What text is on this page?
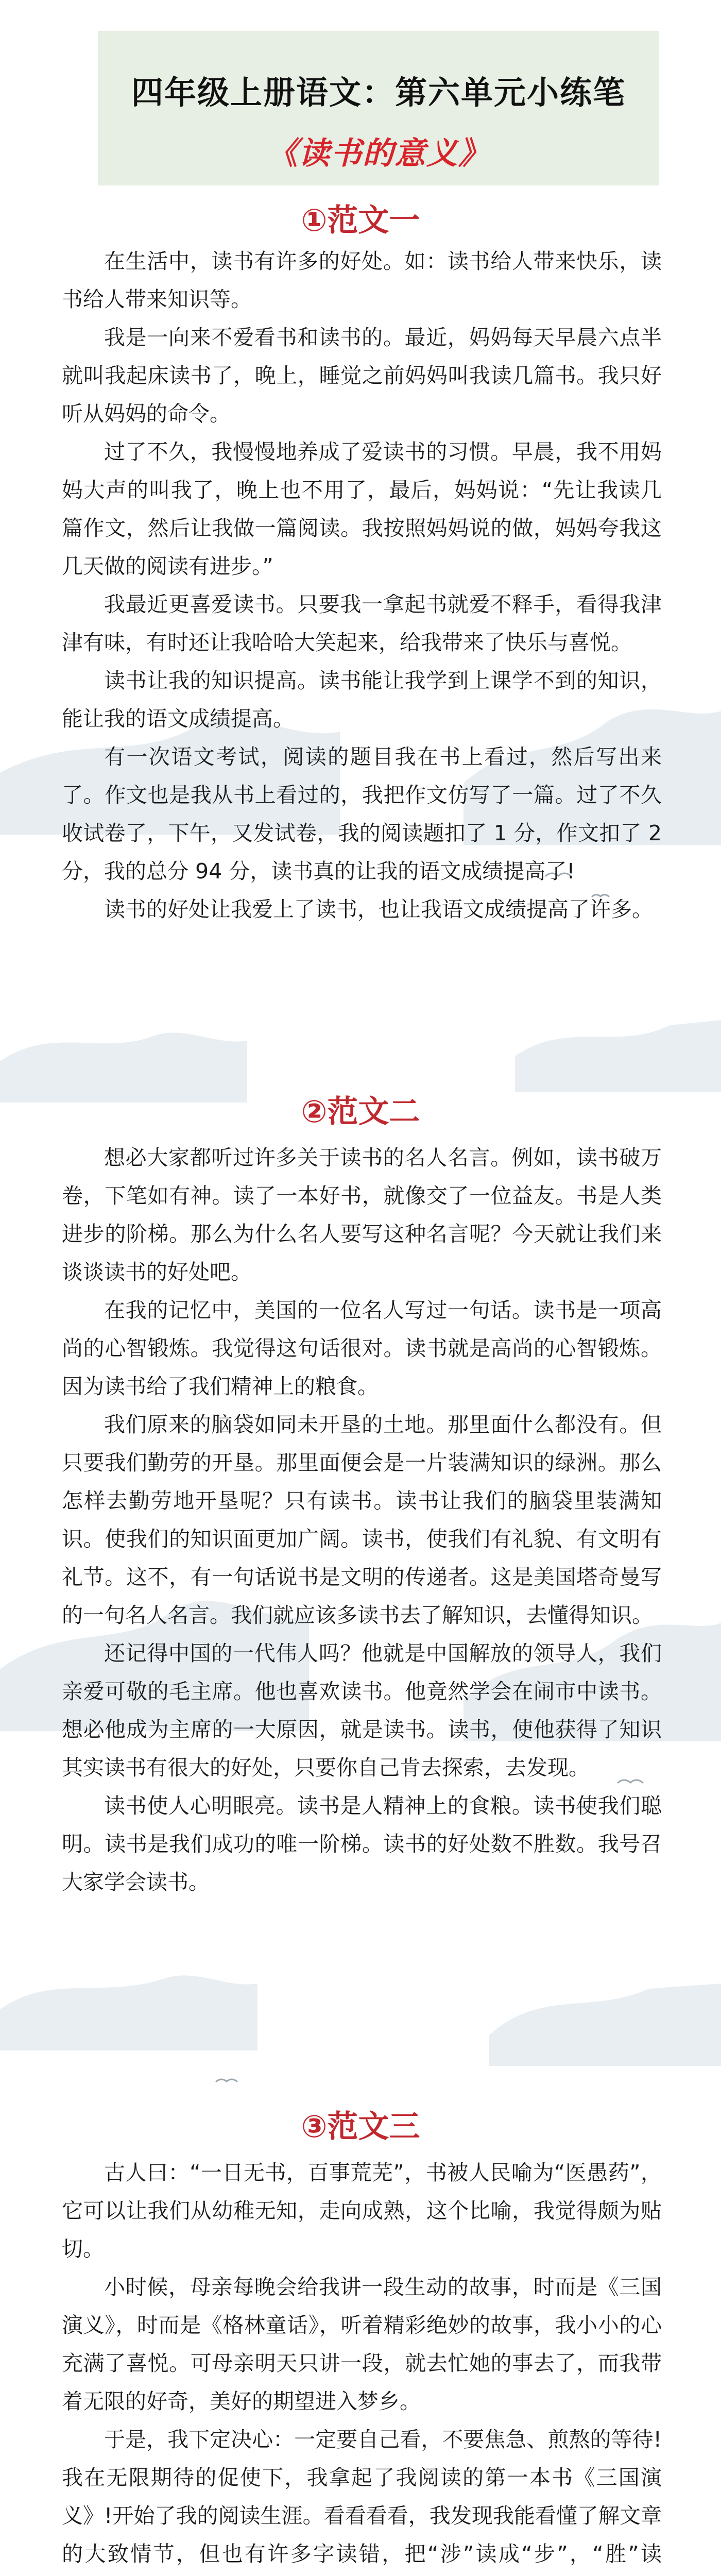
四年级上册语文：第六单元小练笔
《读书的意义》
①范文一

在生活中，读书有许多的好处。如：读书给人带来快乐，读书给人带来知识等。

我是一向来不爱看书和读书的。最近，妈妈每天早晨六点半就叫我起床读书了，晚上，睡觉之前妈妈叫我读几篇书。我只好听从妈妈的命令。

过了不久，我慢慢地养成了爱读书的习惯。早晨，我不用妈妈大声的叫我了，晚上也不用了，最后，妈妈说：“先让我读几篇作文，然后让我做一篇阅读。我按照妈妈说的做，妈妈夸我这几天做的阅读有进步。”

我最近更喜爱读书。只要我一拿起书就爱不释手，看得我津津有味，有时还让我哈哈大笑起来，给我带来了快乐与喜悦。

读书让我的知识提高。读书能让我学到上课学不到的知识，能让我的语文成绩提高。

有一次语文考试，阅读的题目我在书上看过，然后写出来了。作文也是我从书上看过的，我把作文仿写了一篇。过了不久收试卷了，下午，又发试卷，我的阅读题扣了 1 分，作文扣了 2 分，我的总分 94 分，读书真的让我的语文成绩提高了!

读书的好处让我爱上了读书，也让我语文成绩提高了许多。

②范文二

想必大家都听过许多关于读书的名人名言。例如，读书破万卷，下笔如有神。读了一本好书，就像交了一位益友。书是人类进步的阶梯。那么为什么名人要写这种名言呢？今天就让我们来谈谈读书的好处吧。

在我的记忆中，美国的一位名人写过一句话。读书是一项高尚的心智锻炼。我觉得这句话很对。读书就是高尚的心智锻炼。因为读书给了我们精神上的粮食。

我们原来的脑袋如同未开垦的土地。那里面什么都没有。但只要我们勤劳的开垦。那里面便会是一片装满知识的绿洲。那么怎样去勤劳地开垦呢？只有读书。读书让我们的脑袋里装满知识。使我们的知识面更加广阔。读书，使我们有礼貌、有文明有礼节。这不，有一句话说书是文明的传递者。这是美国塔奇曼写的一句名人名言。我们就应该多读书去了解知识，去懂得知识。

还记得中国的一代伟人吗？他就是中国解放的领导人，我们亲爱可敬的毛主席。他也喜欢读书。他竟然学会在闹市中读书。想必他成为主席的一大原因，就是读书。读书，使他获得了知识其实读书有很大的好处，只要你自己肯去探索，去发现。

读书使人心明眼亮。读书是人精神上的食粮。读书使我们聪明。读书是我们成功的唯一阶梯。读书的好处数不胜数。我号召大家学会读书。

③范文三

古人曰：“一日无书，百事荒芜”，书被人民喻为“医愚药”，它可以让我们从幼稚无知，走向成熟，这个比喻，我觉得颇为贴切。

小时候，母亲每晚会给我讲一段生动的故事，时而是《三国演义》，时而是《格林童话》，听着精彩绝妙的故事，我小小的心充满了喜悦。可母亲明天只讲一段，就去忙她的事去了，而我带着无限的好奇，美好的期望进入梦乡。

于是，我下定决心：一定要自己看，不要焦急、煎熬的等待!我在无限期待的促使下，我拿起了我阅读的第一本书《三国演义》!开始了我的阅读生涯。看看看看，我发现我能看懂了解文章的大致情节，但也有许多字读错，把“涉”读成“步”，“胜”读
